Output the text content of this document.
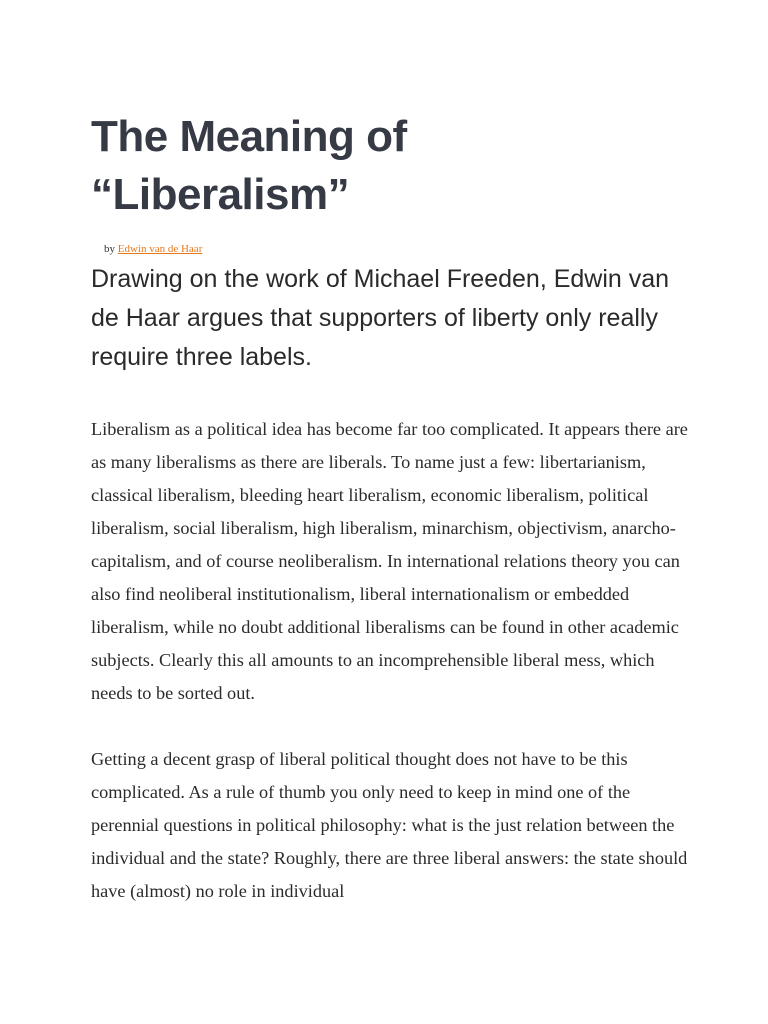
The Meaning of
“Liberalism”
by Edwin van de Haar

Drawing on the work of Michael Freeden, Edwin van de Haar argues that supporters of liberty only really require three labels.

Liberalism as a political idea has become far too complicated. It appears there are as many liberalisms as there are liberals. To name just a few: libertarianism, classical liberalism, bleeding heart liberalism, economic liberalism, political liberalism, social liberalism, high liberalism, minarchism, objectivism, anarcho-capitalism, and of course neoliberalism. In international relations theory you can also find neoliberal institutionalism, liberal internationalism or embedded liberalism, while no doubt additional liberalisms can be found in other academic subjects. Clearly this all amounts to an incomprehensible liberal mess, which needs to be sorted out.

Getting a decent grasp of liberal political thought does not have to be this complicated. As a rule of thumb you only need to keep in mind one of the perennial questions in political philosophy: what is the just relation between the individual and the state? Roughly, there are three liberal answers: the state should have (almost) no role in individual
